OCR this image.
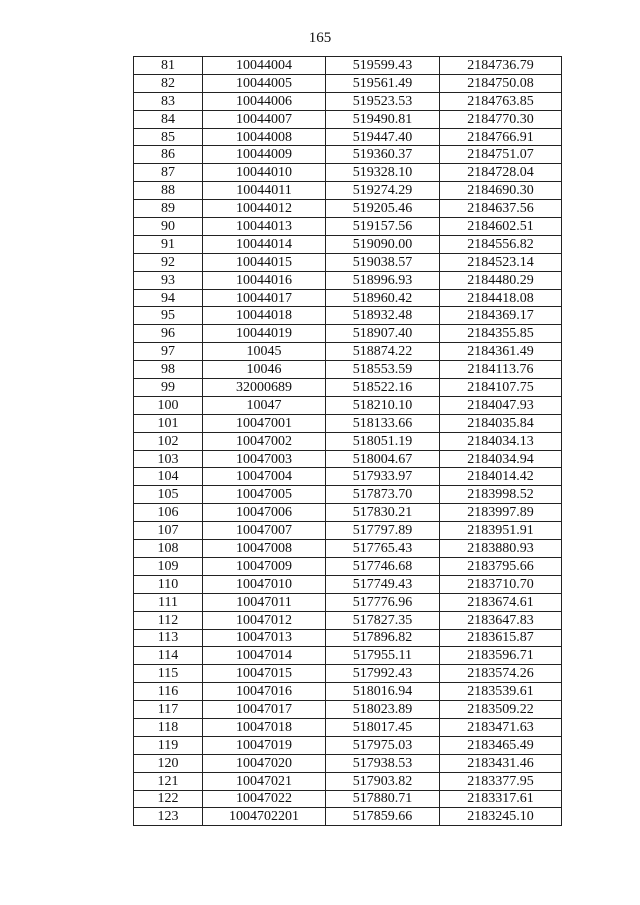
165
81	10044004	519599.43	2184736.79
82	10044005	519561.49	2184750.08
83	10044006	519523.53	2184763.85
84	10044007	519490.81	2184770.30
85	10044008	519447.40	2184766.91
86	10044009	519360.37	2184751.07
87	10044010	519328.10	2184728.04
88	10044011	519274.29	2184690.30
89	10044012	519205.46	2184637.56
90	10044013	519157.56	2184602.51
91	10044014	519090.00	2184556.82
92	10044015	519038.57	2184523.14
93	10044016	518996.93	2184480.29
94	10044017	518960.42	2184418.08
95	10044018	518932.48	2184369.17
96	10044019	518907.40	2184355.85
97	10045	518874.22	2184361.49
98	10046	518553.59	2184113.76
99	32000689	518522.16	2184107.75
100	10047	518210.10	2184047.93
101	10047001	518133.66	2184035.84
102	10047002	518051.19	2184034.13
103	10047003	518004.67	2184034.94
104	10047004	517933.97	2184014.42
105	10047005	517873.70	2183998.52
106	10047006	517830.21	2183997.89
107	10047007	517797.89	2183951.91
108	10047008	517765.43	2183880.93
109	10047009	517746.68	2183795.66
110	10047010	517749.43	2183710.70
111	10047011	517776.96	2183674.61
112	10047012	517827.35	2183647.83
113	10047013	517896.82	2183615.87
114	10047014	517955.11	2183596.71
115	10047015	517992.43	2183574.26
116	10047016	518016.94	2183539.61
117	10047017	518023.89	2183509.22
118	10047018	518017.45	2183471.63
119	10047019	517975.03	2183465.49
120	10047020	517938.53	2183431.46
121	10047021	517903.82	2183377.95
122	10047022	517880.71	2183317.61
123	1004702201	517859.66	2183245.10
